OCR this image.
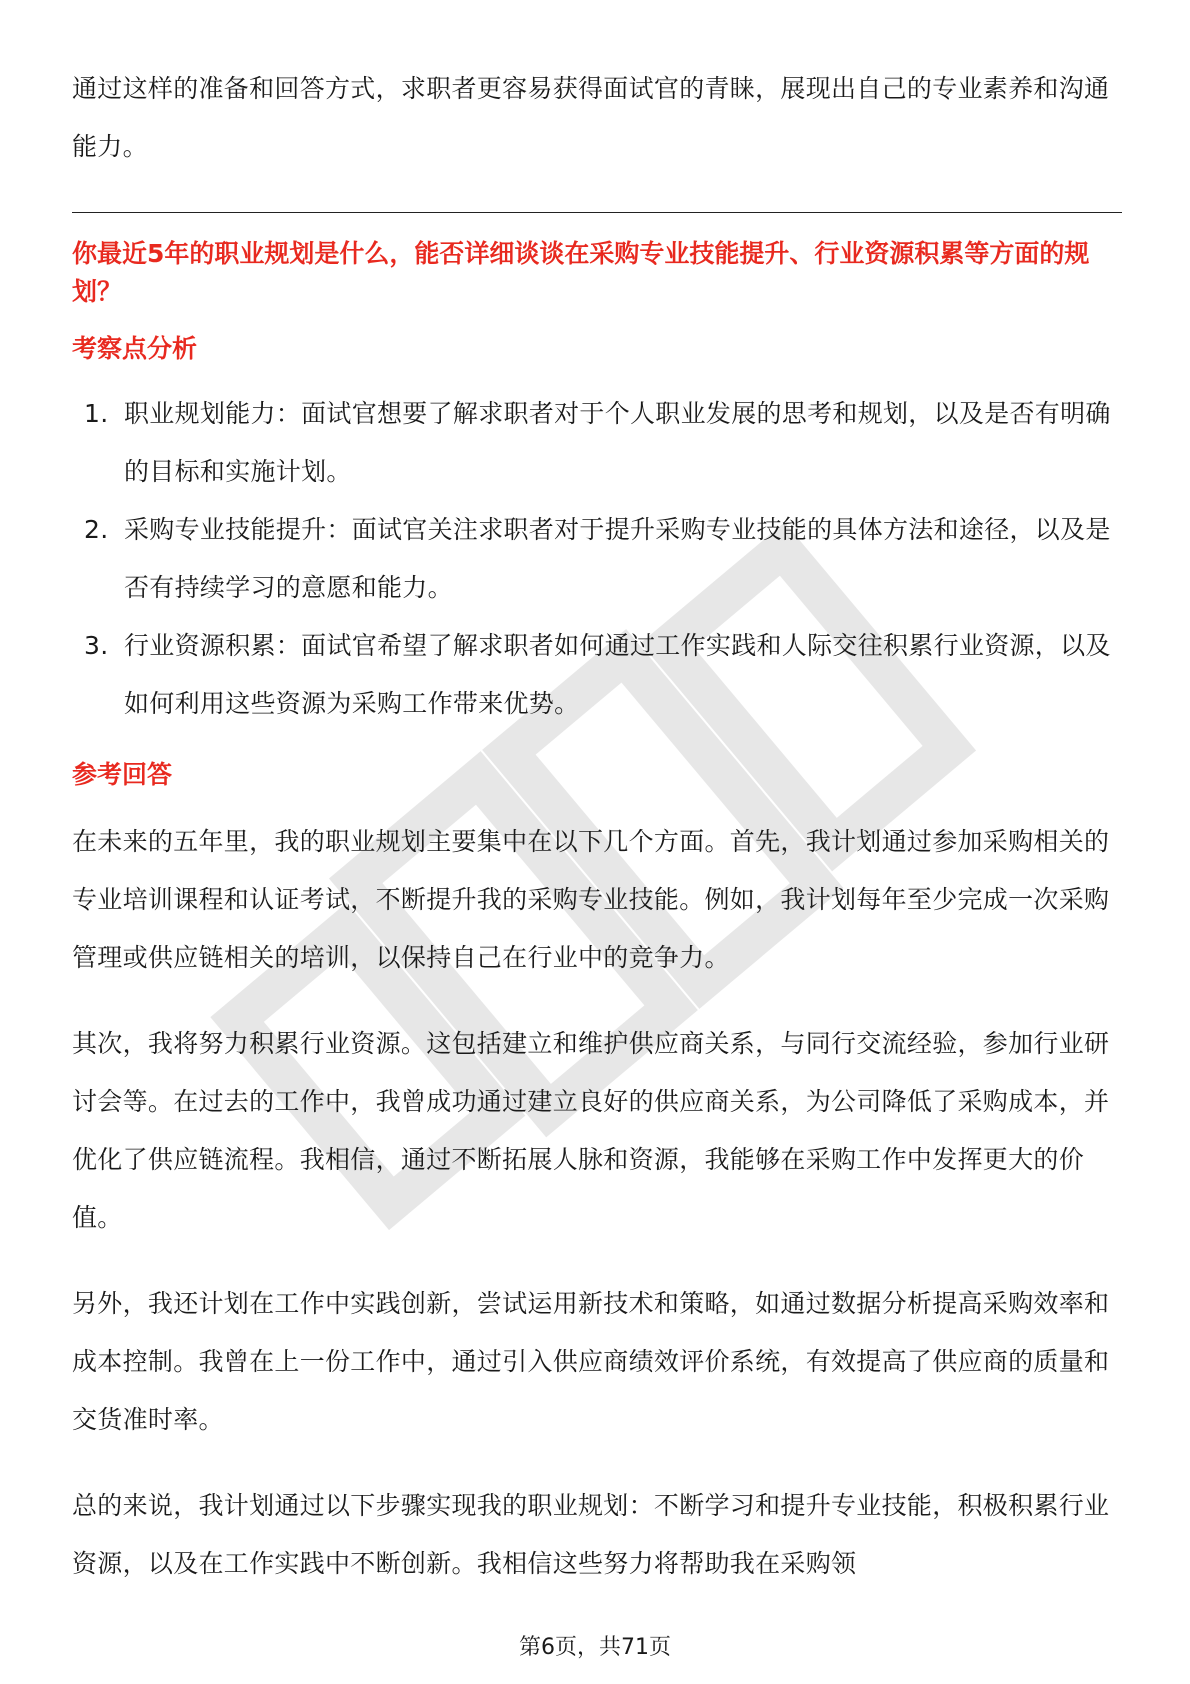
通过这样的准备和回答方式，求职者更容易获得面试官的青睐，展现出自己的专业素养和沟通能力。

你最近5年的职业规划是什么，能否详细谈谈在采购专业技能提升、行业资源积累等方面的规划？

考察点分析
1. 职业规划能力：面试官想要了解求职者对于个人职业发展的思考和规划，以及是否有明确的目标和实施计划。
2. 采购专业技能提升：面试官关注求职者对于提升采购专业技能的具体方法和途径，以及是否有持续学习的意愿和能力。
3. 行业资源积累：面试官希望了解求职者如何通过工作实践和人际交往积累行业资源，以及如何利用这些资源为采购工作带来优势。
参考回答

在未来的五年里，我的职业规划主要集中在以下几个方面。首先，我计划通过参加采购相关的专业培训课程和认证考试，不断提升我的采购专业技能。例如，我计划每年至少完成一次采购管理或供应链相关的培训，以保持自己在行业中的竞争力。

其次，我将努力积累行业资源。这包括建立和维护供应商关系，与同行交流经验，参加行业研讨会等。在过去的工作中，我曾成功通过建立良好的供应商关系，为公司降低了采购成本，并优化了供应链流程。我相信，通过不断拓展人脉和资源，我能够在采购工作中发挥更大的价值。

另外，我还计划在工作中实践创新，尝试运用新技术和策略，如通过数据分析提高采购效率和成本控制。我曾在上一份工作中，通过引入供应商绩效评价系统，有效提高了供应商的质量和交货准时率。

总的来说，我计划通过以下步骤实现我的职业规划：不断学习和提升专业技能，积极积累行业资源，以及在工作实践中不断创新。我相信这些努力将帮助我在采购领

第6页，共71页
